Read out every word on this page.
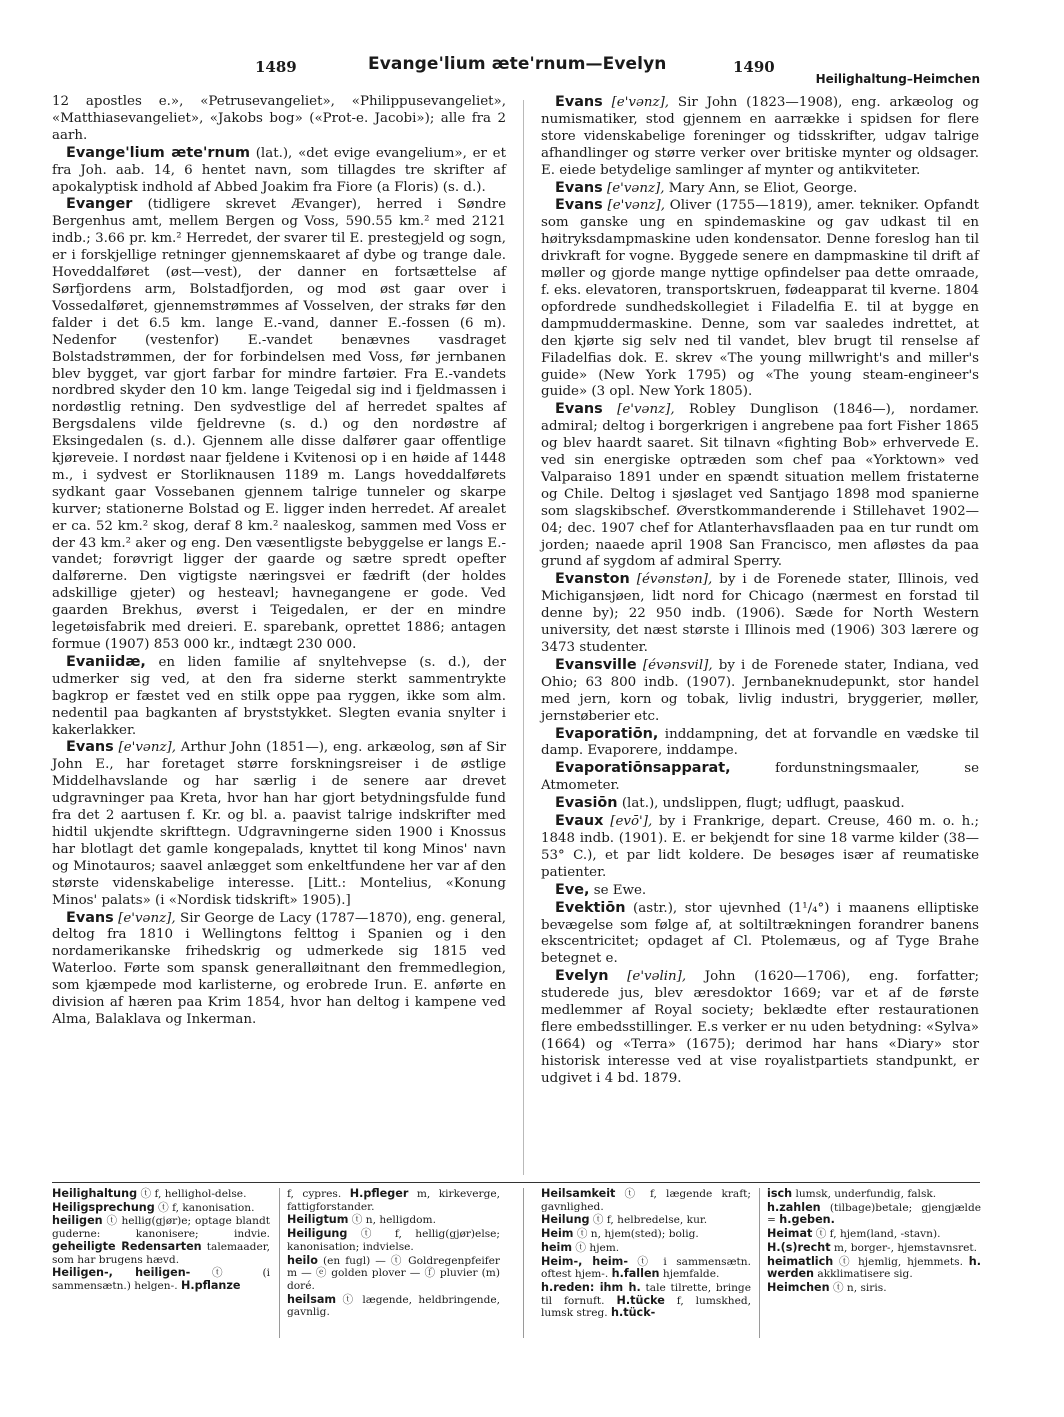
1489	Evange'lium æte'rnum—Evelyn	1490
Heilighaltung–Heimchen

12 apostles e.», «Petrusevangeliet», «Philippusevangeliet», «Matthiasevangeliet», «Jakobs bog» («Prot-e. Jacobi»); alle fra 2 aarh.

Evange'lium æte'rnum (lat.), «det evige evangelium», er et fra Joh. aab. 14, 6 hentet navn, som tillagdes tre skrifter af apokalyptisk indhold af Abbed Joakim fra Fiore (a Floris) (s. d.).

Evanger (tidligere skrevet Ævanger), herred i Søndre Bergenhus amt, mellem Bergen og Voss, 590.55 km.² med 2121 indb.; 3.66 pr. km.² Herredet, der svarer til E. prestegjeld og sogn, er i forskjellige retninger gjennemskaaret af dybe og trange dale. Hoveddalføret (øst—vest), der danner en fortsættelse af Sørfjordens arm, Bolstadfjorden, og mod øst gaar over i Vossedalføret, gjennemstrømmes af Vosselven, der straks før den falder i det 6.5 km. lange E.-vand, danner E.-fossen (6 m). Nedenfor (vestenfor) E.-vandet benævnes vasdraget Bolstadstrømmen, der for forbindelsen med Voss, før jernbanen blev bygget, var gjort farbar for mindre fartøier. Fra E.-vandets nordbred skyder den 10 km. lange Teigedal sig ind i fjeldmassen i nordøstlig retning. Den sydvestlige del af herredet spaltes af Bergsdalens vilde fjeldrevne (s. d.) og den nordøstre af Eksingedalen (s. d.). Gjennem alle disse dalfører gaar offentlige kjøreveie. I nordøst naar fjeldene i Kvitenosi op i en høide af 1448 m., i sydvest er Storliknausen 1189 m. Langs hoveddalførets sydkant gaar Vossebanen gjennem talrige tunneler og skarpe kurver; stationerne Bolstad og E. ligger inden herredet. Af arealet er ca. 52 km.² skog, deraf 8 km.² naaleskog, sammen med Voss er der 43 km.² aker og eng. Den væsentligste bebyggelse er langs E.-vandet; forøvrigt ligger der gaarde og sætre spredt opefter dalførerne. Den vigtigste næringsvei er fædrift (der holdes adskillige gjeter) og hesteavl; havnegangene er gode. Ved gaarden Brekhus, øverst i Teigedalen, er der en mindre legetøisfabrik med dreieri. E. sparebank, oprettet 1886; antagen formue (1907) 853 000 kr., indtægt 230 000.

Evaniidæ, en liden familie af snyltehvepse (s. d.), der udmerker sig ved, at den fra siderne sterkt sammentrykte bagkrop er fæstet ved en stilk oppe paa ryggen, ikke som alm. nedentil paa bagkanten af bryststykket. Slegten evania snylter i kakerlakker.

Evans [e'vənz], Arthur John (1851—), eng. arkæolog, søn af Sir John E., har foretaget større forskningsreiser i de østlige Middelhavslande og har særlig i de senere aar drevet udgravninger paa Kreta, hvor han har gjort betydningsfulde fund fra det 2 aartusen f. Kr. og bl. a. paavist talrige indskrifter med hidtil ukjendte skrifttegn. Udgravningerne siden 1900 i Knossus har blotlagt det gamle kongepalads, knyttet til kong Minos' navn og Minotauros; saavel anlægget som enkeltfundene her var af den største videnskabelige interesse. [Litt.: Montelius, «Konung Minos' palats» (i «Nordisk tidskrift» 1905).]

Evans [e'vənz], Sir George de Lacy (1787—1870), eng. general, deltog fra 1810 i Wellingtons felttog i Spanien og i den nordamerikanske frihedskrig og udmerkede sig 1815 ved Waterloo. Førte som spansk generalløitnant den fremmedlegion, som kjæmpede mod karlisterne, og erobrede Irun. E. anførte en division af hæren paa Krim 1854, hvor han deltog i kampene ved Alma, Balaklava og Inkerman.

Evans [e'vənz], Sir John (1823—1908), eng. arkæolog og numismatiker, stod gjennem en aarrække i spidsen for flere store videnskabelige foreninger og tidsskrifter, udgav talrige afhandlinger og større verker over britiske mynter og oldsager. E. eiede betydelige samlinger af mynter og antikviteter.

Evans [e'vənz], Mary Ann, se Eliot, George.

Evans [e'vənz], Oliver (1755—1819), amer. tekniker. Opfandt som ganske ung en spindemaskine og gav udkast til en høitryksdampmaskine uden kondensator. Denne foreslog han til drivkraft for vogne. Byggede senere en dampmaskine til drift af møller og gjorde mange nyttige opfindelser paa dette omraade, f. eks. elevatoren, transportskruen, fødeapparat til kverne. 1804 opfordrede sundhedskollegiet i Filadelfia E. til at bygge en dampmuddermaskine. Denne, som var saaledes indrettet, at den kjørte sig selv ned til vandet, blev brugt til renselse af Filadelfias dok. E. skrev «The young millwright's and miller's guide» (New York 1795) og «The young steam-engineer's guide» (3 opl. New York 1805).

Evans [e'vənz], Robley Dunglison (1846—), nordamer. admiral; deltog i borgerkrigen i angrebene paa fort Fisher 1865 og blev haardt saaret. Sit tilnavn «fighting Bob» erhvervede E. ved sin energiske optræden som chef paa «Yorktown» ved Valparaiso 1891 under en spændt situation mellem fristaterne og Chile. Deltog i sjøslaget ved Santjago 1898 mod spanierne som slagskibschef. Øverstkommanderende i Stillehavet 1902—04; dec. 1907 chef for Atlanterhavsflaaden paa en tur rundt om jorden; naaede april 1908 San Francisco, men afløstes da paa grund af sygdom af admiral Sperry.

Evanston [évənstən], by i de Forenede stater, Illinois, ved Michigansjøen, lidt nord for Chicago (nærmest en forstad til denne by); 22 950 indb. (1906). Sæde for North Western university, det næst største i Illinois med (1906) 303 lærere og 3473 studenter.

Evansville [évənsvil], by i de Forenede stater, Indiana, ved Ohio; 63 800 indb. (1907). Jernbaneknudepunkt, stor handel med jern, korn og tobak, livlig industri, bryggerier, møller, jernstøberier etc.

Evaporatiōn, inddampning, det at forvandle en vædske til damp. Evaporere, inddampe.

Evaporatiōnsapparat, fordunstningsmaaler, se Atmometer.

Evasiōn (lat.), undslippen, flugt; udflugt, paaskud.

Evaux [evō'], by i Frankrige, depart. Creuse, 460 m. o. h.; 1848 indb. (1901). E. er bekjendt for sine 18 varme kilder (38—53° C.), et par lidt koldere. De besøges især af reumatiske patienter.

Eve, se Ewe.

Evektiōn (astr.), stor ujevnhed (1¹/₄°) i maanens elliptiske bevægelse som følge af, at soltiltrækningen forandrer banens ekscentricitet; opdaget af Cl. Ptolemæus, og af Tyge Brahe betegnet e.

Evelyn [e'vəlin], John (1620—1706), eng. forfatter; studerede jus, blev æresdoktor 1669; var et af de første medlemmer af Royal society; beklædte efter restaurationen flere embedsstillinger. E.s verker er nu uden betydning: «Sylva» (1664) og «Terra» (1675); derimod har hans «Diary» stor historisk interesse ved at vise royalistpartiets standpunkt, er udgivet i 4 bd. 1879.

Heilighaltung ⓣ f, hellighol-delse.

Heiligsprechung ⓣ f, kanonisation.

heiligen ⓣ hellig(gjør)e; optage blandt guderne: kanonisere; indvie. geheiligte Redensarten talemaader, som har brugens hævd.

Heiligen-, heiligen- ⓣ (i sammensætn.) helgen-. H.pflanze

f, cypres. H.pfleger m, kirkeverge, fattigforstander.

Heiligtum ⓣ n, helligdom.

Heiligung ⓣ f, hellig(gjør)else; kanonisation; indvielse.

heilo (en fugl) — ⓣ Goldregenpfeifer m — ⓔ golden plover — ⓕ pluvier (m) doré.

heilsam ⓣ lægende, heldbringende, gavnlig.

Heilsamkeit ⓣ f, lægende kraft; gavnlighed.

Heilung ⓣ f, helbredelse, kur.

Heim ⓣ n, hjem(sted); bolig.

heim ⓣ hjem.

Heim-, heim- ⓣ i sammensætn. oftest hjem-. h.fallen hjemfalde.

h.reden: ihm h. tale tilrette, bringe til fornuft. H.tücke f, lumskhed, lumsk streg. h.tück-

isch lumsk, underfundig, falsk.

h.zahlen (tilbage)betale; gjengjælde = h.geben.

Heimat ⓣ f, hjem(land, -stavn).

H.(s)recht m, borger-, hjemstavnsret.

heimatlich ⓣ hjemlig, hjemmets. h. werden akklimatisere sig.

Heimchen ⓣ n, siris.
